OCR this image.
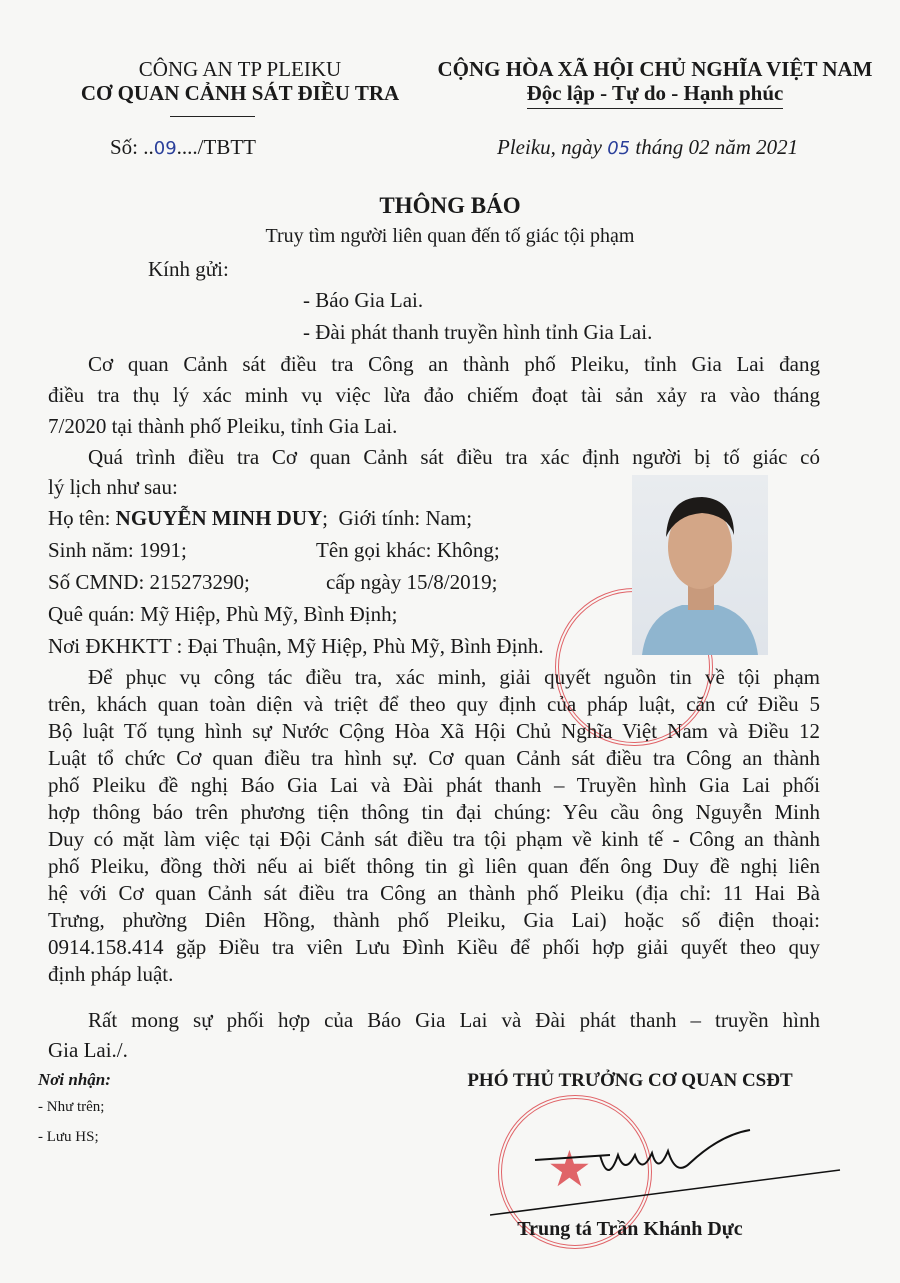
CÔNG AN TP PLEIKU
CƠ QUAN CẢNH SÁT ĐIỀU TRA
Số: ..09..../TBTT
CỘNG HÒA XÃ HỘI CHỦ NGHĨA VIỆT NAM
Độc lập - Tự do - Hạnh phúc
Pleiku, ngày 05 tháng 02 năm 2021
THÔNG BÁO
Truy tìm người liên quan đến tố giác tội phạm
Kính gửi:
- Báo Gia Lai.
- Đài phát thanh truyền hình tỉnh Gia Lai.
Cơ quan Cảnh sát điều tra Công an thành phố Pleiku, tỉnh Gia Lai đang
điều tra thụ lý xác minh vụ việc lừa đảo chiếm đoạt tài sản xảy ra vào tháng
7/2020 tại thành phố Pleiku, tỉnh Gia Lai.
Quá trình điều tra Cơ quan Cảnh sát điều tra xác định người bị tố giác có
lý lịch như sau:
Họ tên: NGUYỄN MINH DUY;  Giới tính: Nam;
Sinh năm: 1991;	Tên gọi khác: Không;
Số CMND: 215273290;	cấp ngày 15/8/2019;
Quê quán: Mỹ Hiệp, Phù Mỹ, Bình Định;
Nơi ĐKHKTT : Đại Thuận, Mỹ Hiệp, Phù Mỹ, Bình Định.
Để phục vụ công tác điều tra, xác minh, giải quyết nguồn tin về tội phạm
trên, khách quan toàn diện và triệt để theo quy định của pháp luật, căn cứ Điều 5
Bộ luật Tố tụng hình sự Nước Cộng Hòa Xã Hội Chủ Nghĩa Việt Nam và Điều 12
Luật tổ chức Cơ quan điều tra hình sự. Cơ quan Cảnh sát điều tra Công an thành
phố Pleiku đề nghị Báo Gia Lai và Đài phát thanh – Truyền hình Gia Lai phối
hợp thông báo trên phương tiện thông tin đại chúng: Yêu cầu ông Nguyễn Minh
Duy có mặt làm việc tại Đội Cảnh sát điều tra tội phạm về kinh tế - Công an thành
phố Pleiku, đồng thời nếu ai biết thông tin gì liên quan đến ông Duy đề nghị liên
hệ với Cơ quan Cảnh sát điều tra Công an thành phố Pleiku (địa chỉ: 11 Hai Bà
Trưng, phường Diên Hồng, thành phố Pleiku, Gia Lai) hoặc số điện thoại:
0914.158.414 gặp Điều tra viên Lưu Đình Kiều để phối hợp giải quyết theo quy
định pháp luật.
Rất mong sự phối hợp của Báo Gia Lai và Đài phát thanh – truyền hình
Gia Lai./.
Nơi nhận:
- Như trên;
- Lưu HS;
PHÓ THỦ TRƯỞNG CƠ QUAN CSĐT
★
Trung tá Trần Khánh Dực
